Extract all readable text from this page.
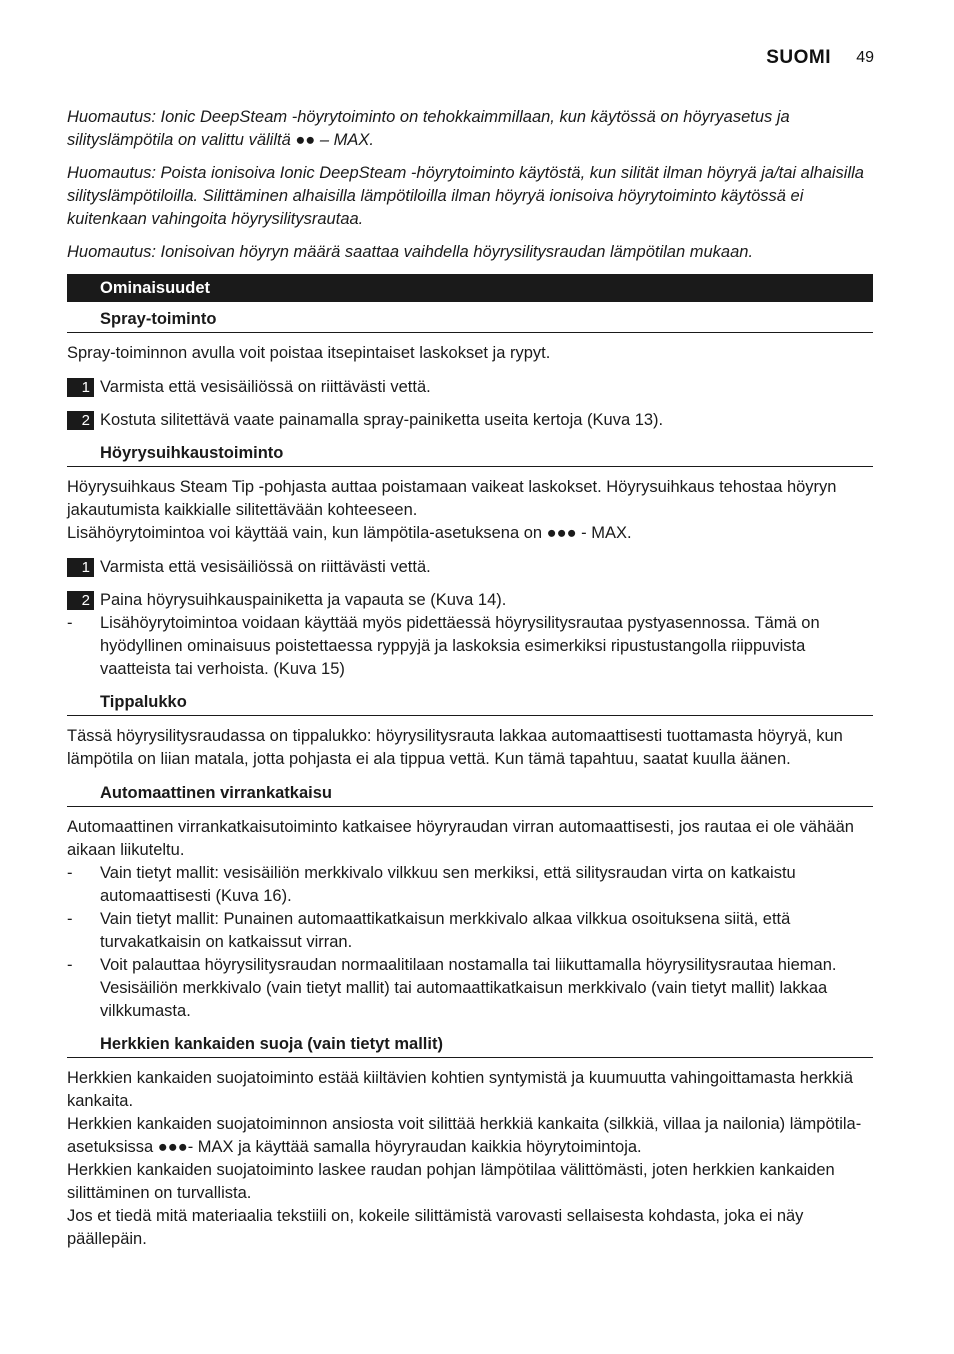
SUOMI 49

Huomautus: Ionic DeepSteam -höyrytoiminto on tehokkaimmillaan, kun käytössä on höyryasetus ja silityslämpötila on valittu väliltä ●● – MAX.

Huomautus: Poista ionisoiva Ionic DeepSteam -höyrytoiminto käytöstä, kun silität ilman höyryä ja/tai alhaisilla silityslämpötiloilla. Silittäminen alhaisilla lämpötiloilla ilman höyryä ionisoiva höyrytoiminto käytössä ei kuitenkaan vahingoita höyrysilitysrautaa.

Huomautus: Ionisoivan höyryn määrä saattaa vaihdella höyrysilitysraudan lämpötilan mukaan.

Ominaisuudet
Spray-toiminto

Spray-toiminnon avulla voit poistaa itsepintaiset laskokset ja rypyt.

1 Varmista että vesisäiliössä on riittävästi vettä.
2 Kostuta silitettävä vaate painamalla spray-painiketta useita kertoja (Kuva 13).
Höyrysuihkaustoiminto
Höyrysuihkaus Steam Tip -pohjasta auttaa poistamaan vaikeat laskokset. Höyrysuihkaus tehostaa höyryn jakautumista kaikkialle silitettävään kohteeseen.
Lisähöyrytoimintoa voi käyttää vain, kun lämpötila-asetuksena on ●●● - MAX.
1 Varmista että vesisäiliössä on riittävästi vettä.
2 Paina höyrysuihkauspainiketta ja vapauta se (Kuva 14).
- Lisähöyrytoimintoa voidaan käyttää myös pidettäessä höyrysilitysrautaa pystyasennossa. Tämä on hyödyllinen ominaisuus poistettaessa ryppyjä ja laskoksia esimerkiksi ripustustangolla riippuvista vaatteista tai verhoista. (Kuva 15)
Tippalukko

Tässä höyrysilitysraudassa on tippalukko: höyrysilitysrauta lakkaa automaattisesti tuottamasta höyryä, kun lämpötila on liian matala, jotta pohjasta ei ala tippua vettä. Kun tämä tapahtuu, saatat kuulla äänen.

Automaattinen virrankatkaisu

Automaattinen virrankatkaisutoiminto katkaisee höyryraudan virran automaattisesti, jos rautaa ei ole vähään aikaan liikuteltu.

- Vain tietyt mallit: vesisäiliön merkkivalo vilkkuu sen merkiksi, että silitysraudan virta on katkaistu automaattisesti (Kuva 16).
- Vain tietyt mallit: Punainen automaattikatkaisun merkkivalo alkaa vilkkua osoituksena siitä, että turvakatkaisin on katkaissut virran.
- Voit palauttaa höyrysilitysraudan normaalitilaan nostamalla tai liikuttamalla höyrysilitysrautaa hieman. Vesisäiliön merkkivalo (vain tietyt mallit) tai automaattikatkaisun merkkivalo (vain tietyt mallit) lakkaa vilkkumasta.
Herkkien kankaiden suoja (vain tietyt mallit)
Herkkien kankaiden suojatoiminto estää kiiltävien kohtien syntymistä ja kuumuutta vahingoittamasta herkkiä kankaita.
Herkkien kankaiden suojatoiminnon ansiosta voit silittää herkkiä kankaita (silkkiä, villaa ja nailonia) lämpötila-asetuksissa ●●●- MAX ja käyttää samalla höyryraudan kaikkia höyrytoimintoja.
Herkkien kankaiden suojatoiminto laskee raudan pohjan lämpötilaa välittömästi, joten herkkien kankaiden silittäminen on turvallista.
Jos et tiedä mitä materiaalia tekstiili on, kokeile silittämistä varovasti sellaisesta kohdasta, joka ei näy päällepäin.
